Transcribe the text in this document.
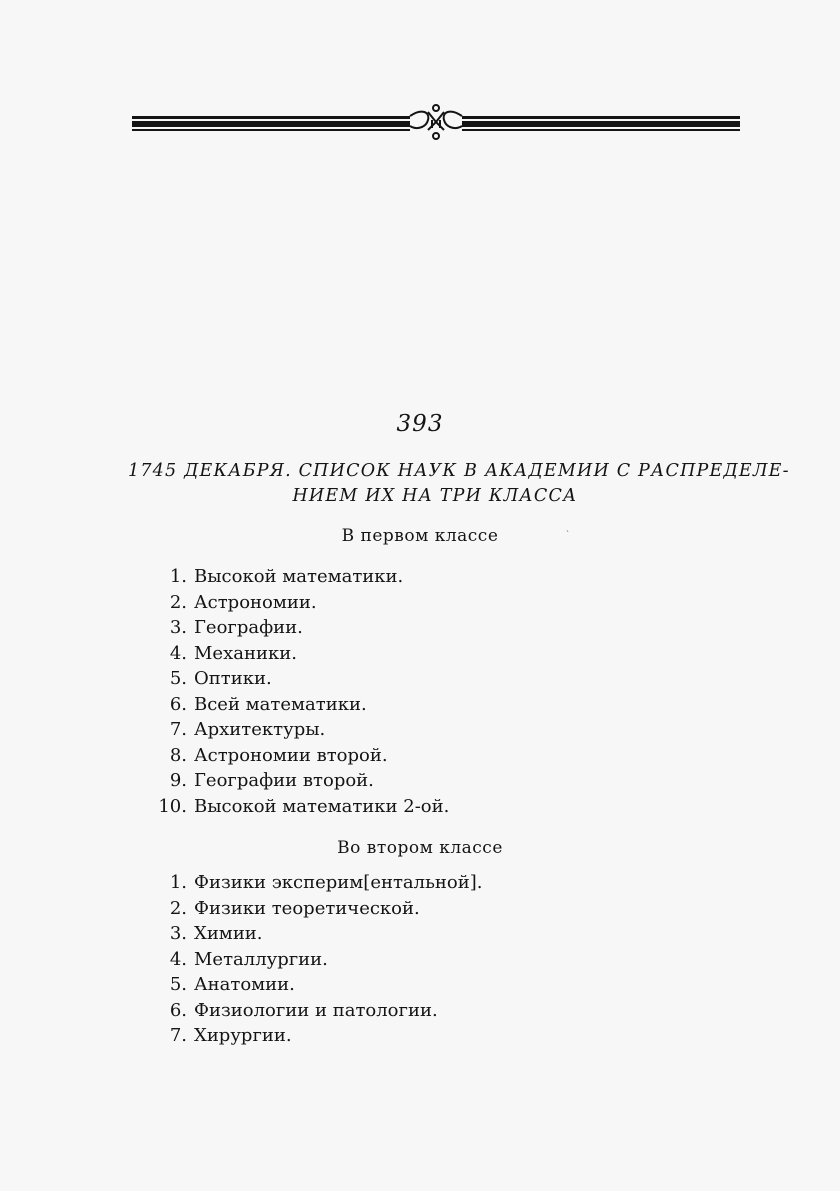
393
1745 ДЕКАБРЯ. СПИСОК НАУК В АКАДЕМИИ С РАСПРЕДЕЛЕ-
НИЕМ ИХ НА ТРИ КЛАССА
ˎ
В первом классе
1. Высокой математики.
2. Астрономии.
3. Географии.
4. Механики.
5. Оптики.
6. Всей математики.
7. Архитектуры.
8. Астрономии второй.
9. Географии второй.
10. Высокой математики 2-ой.
Во втором классе
1. Физики эксперим[ентальной].
2. Физики теоретической.
3. Химии.
4. Металлургии.
5. Анатомии.
6. Физиологии и патологии.
7. Хирургии.
